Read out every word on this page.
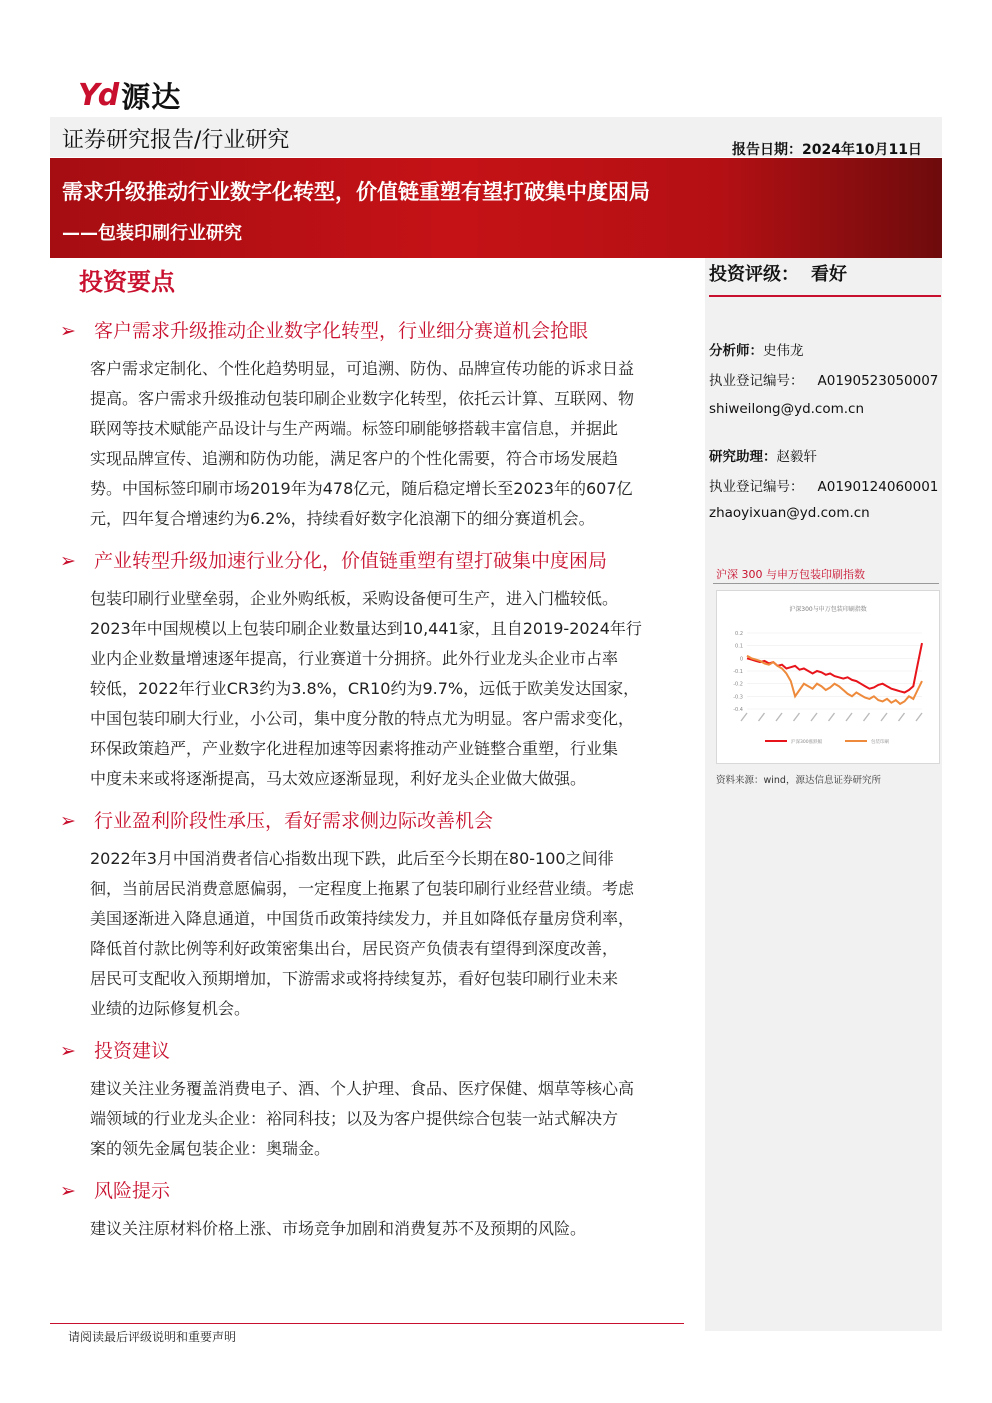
Yd 源达
证券研究报告/行业研究	报告日期：2024年10月11日
需求升级推动行业数字化转型，价值链重塑有望打破集中度困局
——包装印刷行业研究
投资要点	投资评级： 看好
分析师：史伟龙
执业登记编号： A0190523050007
shiweilong@yd.com.cn
研究助理：赵毅轩
执业登记编号： A0190124060001
zhaoyixuan@yd.com.cn
沪深 300 与申万包装印刷指数
沪深300与申万包装印刷指数
0.2
0.1
0
-0.1
-0.2
-0.3
-0.4
沪深300涨跌幅	包装印刷
资料来源：wind，源达信息证券研究所
➢ 客户需求升级推动企业数字化转型，行业细分赛道机会抢眼
客户需求定制化、个性化趋势明显，可追溯、防伪、品牌宣传功能的诉求日益
提高。客户需求升级推动包装印刷企业数字化转型，依托云计算、互联网、物
联网等技术赋能产品设计与生产两端。标签印刷能够搭载丰富信息，并据此
实现品牌宣传、追溯和防伪功能，满足客户的个性化需要，符合市场发展趋
势。中国标签印刷市场2019年为478亿元，随后稳定增长至2023年的607亿
元，四年复合增速约为6.2%，持续看好数字化浪潮下的细分赛道机会。
➢ 产业转型升级加速行业分化，价值链重塑有望打破集中度困局
包装印刷行业壁垒弱，企业外购纸板，采购设备便可生产，进入门槛较低。
2023年中国规模以上包装印刷企业数量达到10,441家，且自2019-2024年行
业内企业数量增速逐年提高，行业赛道十分拥挤。此外行业龙头企业市占率
较低，2022年行业CR3约为3.8%，CR10约为9.7%，远低于欧美发达国家，
中国包装印刷大行业，小公司，集中度分散的特点尤为明显。客户需求变化，
环保政策趋严，产业数字化进程加速等因素将推动产业链整合重塑，行业集
中度未来或将逐渐提高，马太效应逐渐显现，利好龙头企业做大做强。
➢ 行业盈利阶段性承压，看好需求侧边际改善机会
2022年3月中国消费者信心指数出现下跌，此后至今长期在80-100之间徘
徊，当前居民消费意愿偏弱，一定程度上拖累了包装印刷行业经营业绩。考虑
美国逐渐进入降息通道，中国货币政策持续发力，并且如降低存量房贷利率，
降低首付款比例等利好政策密集出台，居民资产负债表有望得到深度改善，
居民可支配收入预期增加，下游需求或将持续复苏，看好包装印刷行业未来
业绩的边际修复机会。
➢ 投资建议
建议关注业务覆盖消费电子、酒、个人护理、食品、医疗保健、烟草等核心高
端领域的行业龙头企业：裕同科技；以及为客户提供综合包装一站式解决方
案的领先金属包装企业：奥瑞金。
➢ 风险提示
建议关注原材料价格上涨、市场竞争加剧和消费复苏不及预期的风险。
请阅读最后评级说明和重要声明
